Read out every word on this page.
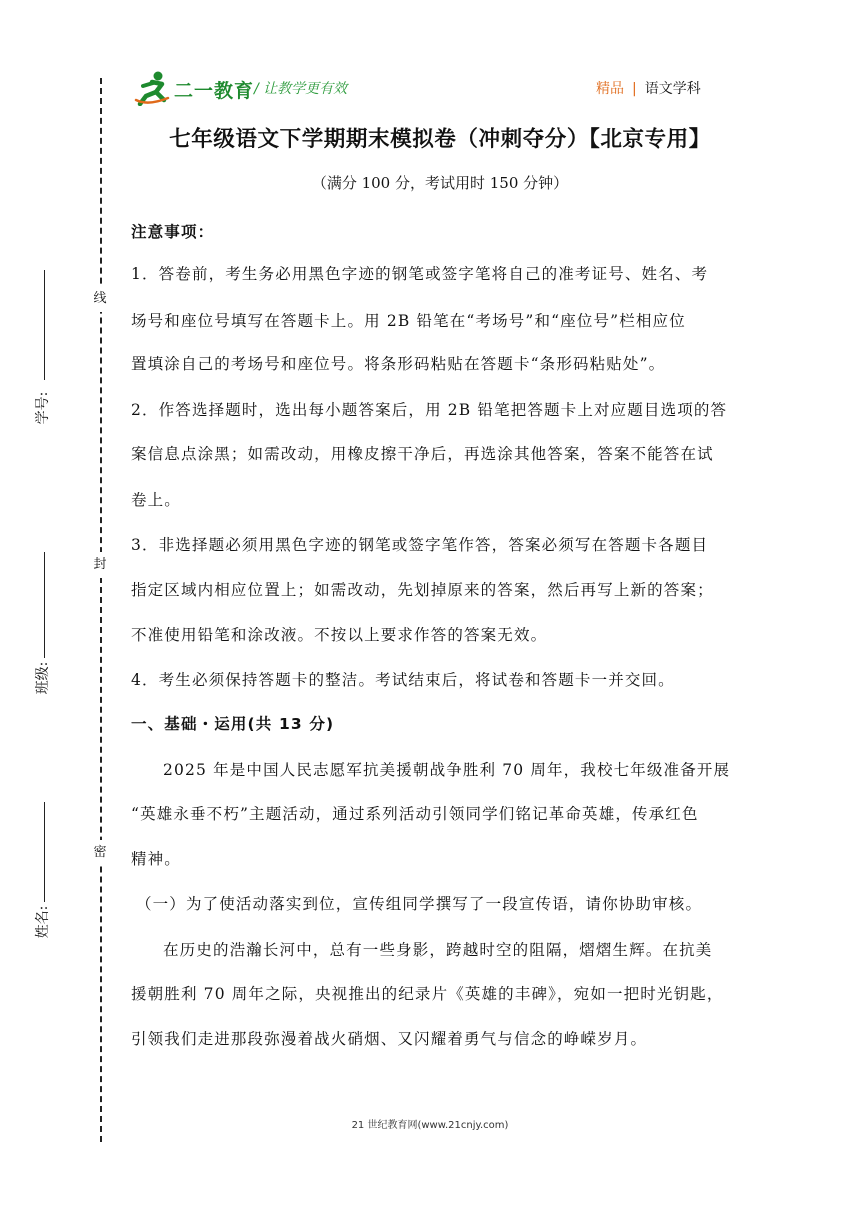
线
封
密
学号:
班级:
姓名:
二一教育 / 让教学更有效	精品 | 语文学科
七年级语文下学期期末模拟卷（冲刺夺分）【北京专用】
（满分 100 分，考试用时 150 分钟）
注意事项：
1．答卷前，考生务必用黑色字迹的钢笔或签字笔将自己的准考证号、姓名、考
场号和座位号填写在答题卡上。用 2B 铅笔在“考场号”和“座位号”栏相应位
置填涂自己的考场号和座位号。将条形码粘贴在答题卡“条形码粘贴处”。
2．作答选择题时，选出每小题答案后，用 2B 铅笔把答题卡上对应题目选项的答
案信息点涂黑；如需改动，用橡皮擦干净后，再选涂其他答案，答案不能答在试
卷上。
3．非选择题必须用黑色字迹的钢笔或签字笔作答，答案必须写在答题卡各题目
指定区域内相应位置上；如需改动，先划掉原来的答案，然后再写上新的答案；
不准使用铅笔和涂改液。不按以上要求作答的答案无效。
4．考生必须保持答题卡的整洁。考试结束后，将试卷和答题卡一并交回。
一、基础・运用(共 13 分)
2025 年是中国人民志愿军抗美援朝战争胜利 70 周年，我校七年级准备开展
“英雄永垂不朽”主题活动，通过系列活动引领同学们铭记革命英雄，传承红色
精神。
（一）为了使活动落实到位，宣传组同学撰写了一段宣传语，请你协助审核。
在历史的浩瀚长河中，总有一些身影，跨越时空的阻隔，熠熠生辉。在抗美
援朝胜利 70 周年之际，央视推出的纪录片《英雄的丰碑》，宛如一把时光钥匙，
引领我们走进那段弥漫着战火硝烟、又闪耀着勇气与信念的峥嵘岁月。
21 世纪教育网(www.21cnjy.com)
